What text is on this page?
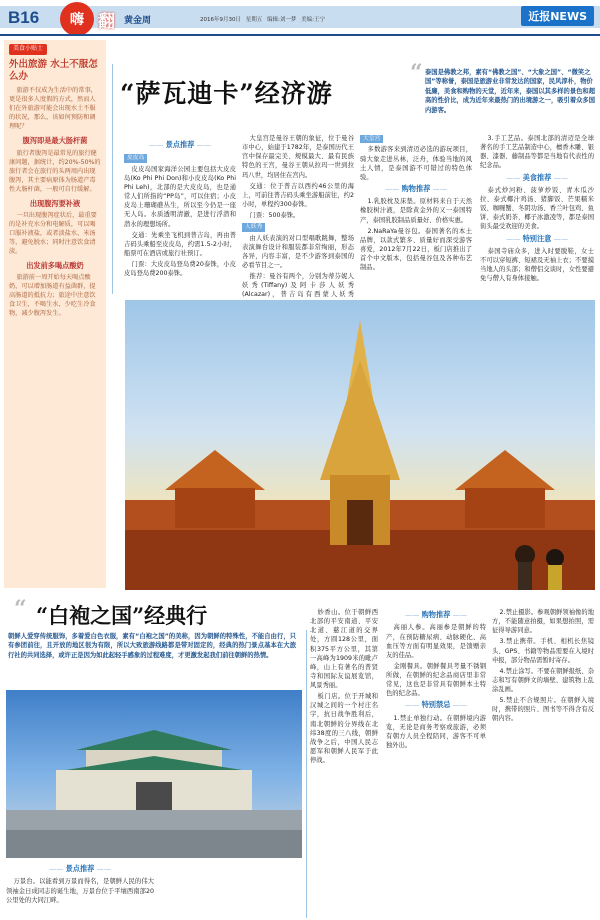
B16	嗨 翻 黄金周	2016年9月30日 星期五 编辑:刘一梦 美编:王宁	近报NEWS
美食小贴士
外出旅游 水土不服怎么办

旅游不仅成为生活中的常事，更是很多人度假的方式，然而人们在外旅游可能会出现水土不服的状况，那么，该如何预防和调理呢？

腹泻即是最大肠杆菌

旅行者腹泻是最常见的旅行健康问题，据统计，约20%-50%的旅行者会在旅行的头两周内出现腹泻，其主要病原体为肠道产毒性大肠杆菌，一般可自行缓解。

出现腹泻要补液

一旦出现腹泻症状后，最重要的是补充水分和电解质，可以喝口服补液盐，或者淡盐水、米汤等，避免脱水；同时注意饮食清淡。

出发前多喝点酸奶

旅游前一周开始每天喝点酸奶，可以增加肠道有益菌群，提高肠道的抵抗力；旅途中注意饮食卫生，不喝生水，少吃生冷食物，减少腹泻发生。

“萨瓦迪卡”经济游
“ 泰国是佛教之邦，素有“佛教之国”、“大象之国”、“微笑之国”等称誉，泰国是旅游业非常发达的国家，民风淳朴，物价低廉，美食和购物的天堂，近年来，泰国以其多样的景色和超高的性价比，成为近年来最热门的出境游之一，吸引着众多国内游客。
—— 景点推荐 ——
皮皮岛

皮皮岛国家海洋公园主要包括大皮皮岛(Ko Phi Phi Don)和小皮皮岛(Ko Phi Phi Leh)，北部的是大皮皮岛，也是通常人们所指的“PP岛”，可以住宿；小皮皮岛上珊瑚礁丛生，所以至今仍是一座无人岛。水质透明清澈，是进行浮潜和潜水的理想场所。

交通：先乘坐飞机到普吉岛，再由普吉码头乘船至皮皮岛，约需1.5-2小时，船票可在酒店或旅行社预订。

门票：大皮皮岛登岛费20泰铢，小皮皮岛登岛费200泰铢。

大皇宫是曼谷王朝的象征，位于曼谷市中心，始建于1782年，是泰国历代王宫中保存最完美、规模最大、最有民族特色的王宫，曼谷王朝从拉玛一世到拉玛八世，均居住在宫内。

交通：位于普吉以西约46公里的海上，可前往普吉码头乘坐游船前往，约2小时，单程约300泰铢。

门票：500泰铢。

人妖秀

由人妖表演的对口型唱歌跳舞，整场表演舞台设计和服装都非常绚丽，形态各异，内容丰富，是不少游客到泰国的必看节目之一。

推荐：曼谷有两个，分别为蒂芬妮人妖秀(Tiffany)及阿卡莎人妖秀(Alcazar)，普吉岛有西蒙人妖秀

大皇宫

多数游客来到清迈必选的游玩项目，骑大象走进丛林，泛舟，体验当地的风土人情，是泰国游不可错过的特色体验。

—— 购物推荐 ——

1.乳胶枕及床垫。原材料来自于天然橡胶树汁液，是除黄金外的又一泰国特产，泰国乳胶制品质量好、价格实惠。

2.NaRaYa曼谷包。泰国著名的本土品牌，以款式繁多、质量好而深受游客喜爱，2012年7月22日，板门店推出了首个中文版本，包括曼谷包及各种布艺制品。

3.手工艺品。泰国北部的清迈是全球著名的手工艺品制造中心，檀香木雕、银器、漆器、藤制品等都是当地有代表性的纪念品。

—— 美食推荐 ——

泰式炒河粉、菠萝炒饭、青木瓜沙拉、泰式椰汁鸡汤、猪脚饭、芒果糯米饭、咖喱蟹、冬阴功汤、香兰叶包鸡、鱼饼、泰式奶茶、椰子冰激凌等，都是泰国街头最受欢迎的美食。

—— 特别注意 ——

泰国寺庙众多，进入时要脱鞋，女士不可以穿短裤、短裙及无袖上衣；不要摸当地人的头部；和僧侣交谈时，女性要避免与僧人有身体接触。

“ “白袍之国”经典行
朝鲜人爱穿传统服饰，多着爱白色衣服，素有“白袍之国”的美称，因为朝鲜的特殊性，不能自由行，只有参团前往，且开放的地区很为有限，所以大致旅游线路都是带对固定的，经典的热门景点基本在大旅行社的共同选择，或许正是因为如此起轻手感象的过程难度，才更激发起我们前往朝鲜的热情。
—— 景点推荐 ——

万景台。以能看到万景而得名，是朝鲜人民的伟大领袖金日成同志的诞生地，万景台位于平壤西南部20公里处的大同江畔。

妙香山。位于朝鲜西北部的平安南道、平安北道、慈江道的交界处，方圆128公里，面积375平方公里，其第一高峰为1909米的毗卢峰，山上有著名的普贤寺和国际友谊展览馆，风景秀丽。

板门店。位于开城和汉城之间的一个村庄名字，抗日战争胜利后，南北朝鲜的分界线在北纬38度的三八线，朝鲜战争之后，中国人民志愿军和朝鲜人民军于此停战。

—— 购物推荐 ——

高丽人参。高丽参是朝鲜的特产，在预防糖尿病、动脉硬化、高血压等方面有明显效果，是馈赠亲友的佳品。

金刚餐具。朝鲜餐具考量不锈钢所做，在朝鲜的纪念品商店里非常常见，这也是非常具有朝鲜本土特色的纪念品。

—— 特别禁忌 ——

1.禁止单独行动。在朝鲜境内游览，无论是商务考察或旅游，必须有朝方人员全程陪同，游客不可单独外出。

2.禁止摄影。参观朝鲜领袖像的地方，不能随意拍摄，如果想拍照，需征得导游同意。

3.禁止携带。手机、相机长焦镜头、GPS、书籍等物品需要在入境时申报，部分物品需暂时寄存。

4.禁止涂写。不要在朝鲜报纸、杂志和写有朝鲜文的墙壁、建筑物上乱涂乱画。

5.禁止不合规照片。在朝鲜入境时，携带的照片、图书等不得含有反朝内容。
